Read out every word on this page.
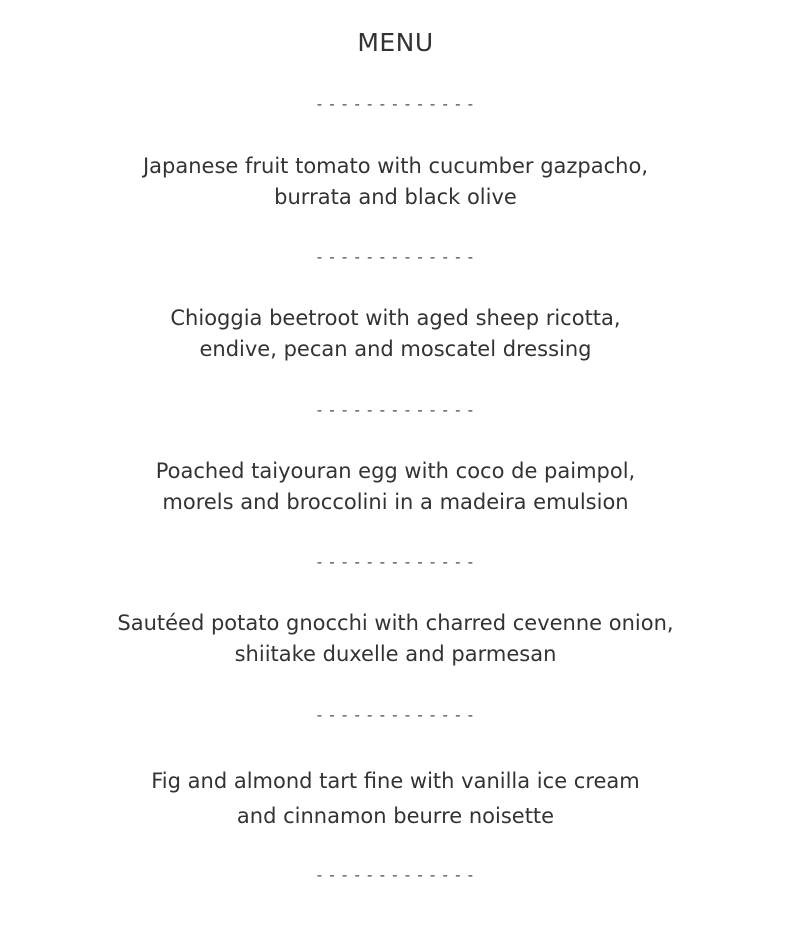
MENU
- - - - - - - - - - - - -
Japanese fruit tomato with cucumber gazpacho,
burrata and black olive
- - - - - - - - - - - - -
Chioggia beetroot with aged sheep ricotta,
endive, pecan and moscatel dressing
- - - - - - - - - - - - -
Poached taiyouran egg with coco de paimpol,
morels and broccolini in a madeira emulsion
- - - - - - - - - - - - -
Sautéed potato gnocchi with charred cevenne onion,
shiitake duxelle and parmesan
- - - - - - - - - - - - -
Fig and almond tart fine with vanilla ice cream
and cinnamon beurre noisette
- - - - - - - - - - - - -
